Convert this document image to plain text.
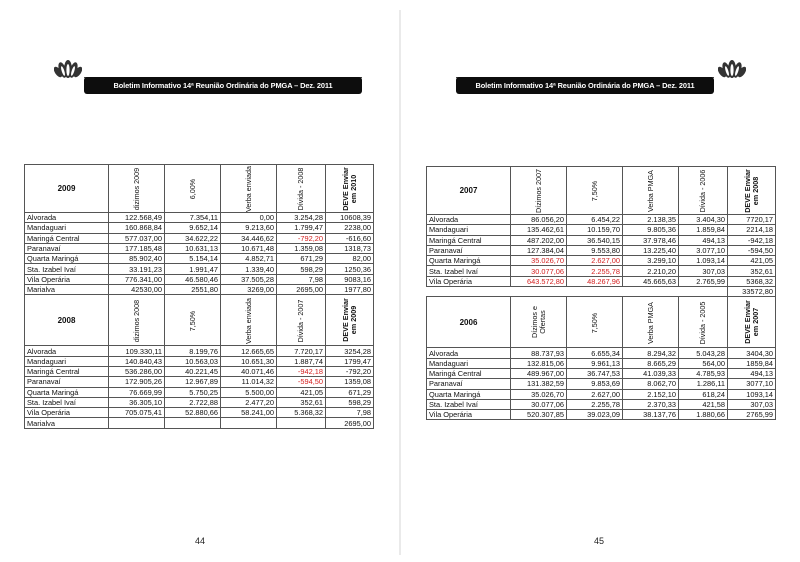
Boletim Informativo 14ª Reunião Ordinária do PMGA – Dez. 2011
2009	dizimos 2009	6,00%	Verba enviada	Dívida - 2008	DEVE Enviar em 2010
Alvorada	122.568,49	7.354,11	0,00	3.254,28	10608,39
Mandaguari	160.868,84	9.652,14	9.213,60	1.799,47	2238,00
Maringá Central	577.037,00	34.622,22	34.446,62	-792,20	-616,60
Paranavaí	177.185,48	10.631,13	10.671,48	1.359,08	1318,73
Quarta Maringá	85.902,40	5.154,14	4.852,71	671,29	82,00
Sta. Izabel Ivaí	33.191,23	1.991,47	1.339,40	598,29	1250,36
Vila Operária	776.341,00	46.580,46	37.505,28	7,98	9083,16
Marialva	42530,00	2551,80	3269,00	2695,00	1977,80
2008	dizimos 2008	7,50%	Verba enviada	Dívida - 2007	DEVE Enviar em 2009
Alvorada	109.330,11	8.199,76	12.665,65	7.720,17	3254,28
Mandaguari	140.840,43	10.563,03	10.651,30	1.887,74	1799,47
Maringá Central	536.286,00	40.221,45	40.071,46	-942,18	-792,20
Paranavaí	172.905,26	12.967,89	11.014,32	-594,50	1359,08
Quarta Maringá	76.669,99	5.750,25	5.500,00	421,05	671,29
Sta. Izabel Ivaí	36.305,10	2.722,88	2.477,20	352,61	598,29
Vila Operária	705.075,41	52.880,66	58.241,00	5.368,32	7,98
Marialva					2695,00
44
Boletim Informativo 14ª Reunião Ordinária do PMGA – Dez. 2011
2007	Dízimos 2007	7,50%	Verba PMGA	Dívida - 2006	DEVE Enviar em 2008
Alvorada	86.056,20	6.454,22	2.138,35	3.404,30	7720,17
Mandaguari	135.462,61	10.159,70	9.805,36	1.859,84	2214,18
Maringá Central	487.202,00	36.540,15	37.978,46	494,13	-942,18
Paranavaí	127.384,04	9.553,80	13.225,40	3.077,10	-594,50
Quarta Maringá	35.026,70	2.627,00	3.299,10	1.093,14	421,05
Sta. Izabel Ivaí	30.077,06	2.255,78	2.210,20	307,03	352,61
Vila Operária	643.572,80	48.267,96	45.665,63	2.765,99	5368,32
					33572,80
2006	Dízimos e Ofertas	7,50%	Verba PMGA	Dívida - 2005	DEVE Enviar em 2007
Alvorada	88.737,93	6.655,34	8.294,32	5.043,28	3404,30
Mandaguari	132.815,06	9.961,13	8.665,29	564,00	1859,84
Maringá Central	489.967,00	36.747,53	41.039,33	4.785,93	494,13
Paranavaí	131.382,59	9.853,69	8.062,70	1.286,11	3077,10
Quarta Maringá	35.026,70	2.627,00	2.152,10	618,24	1093,14
Sta. Izabel Ivaí	30.077,06	2.255,78	2.370,33	421,58	307,03
Vila Operária	520.307,85	39.023,09	38.137,76	1.880,66	2765,99
45
